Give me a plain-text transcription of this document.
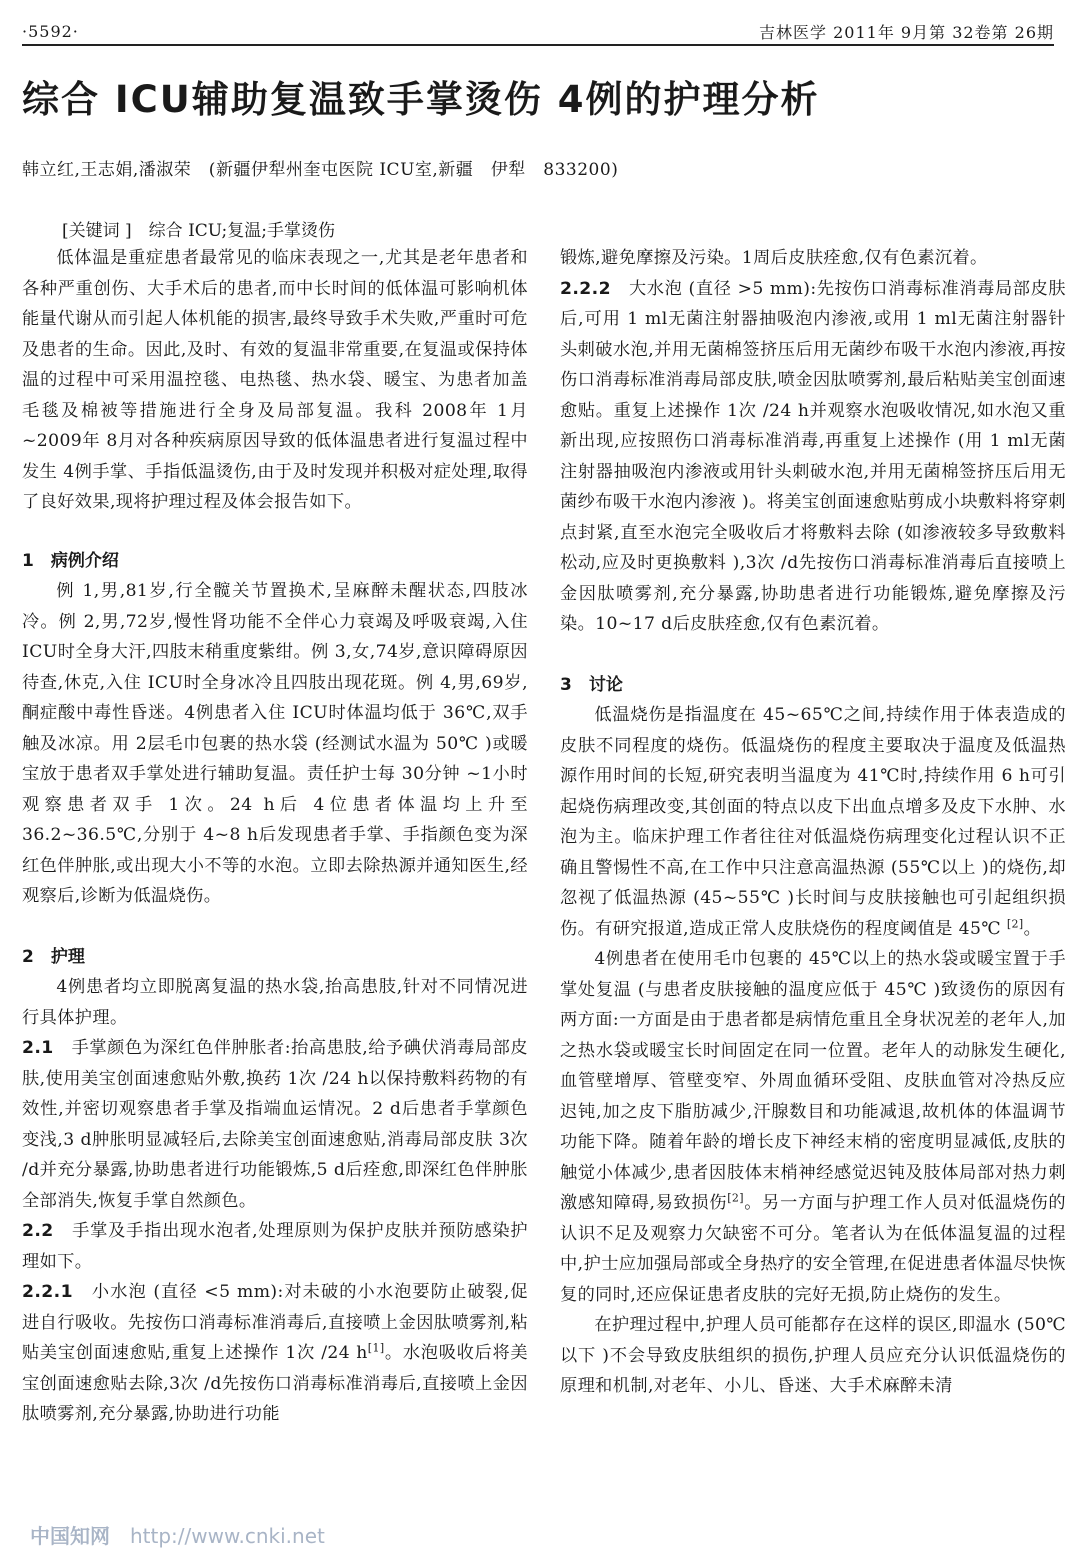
·5592·	吉林医学 2011年 9月第 32卷第 26期
综合 ICU辅助复温致手掌烫伤 4例的护理分析
韩立红,王志娟,潘淑荣　(新疆伊犁州奎屯医院 ICU室,新疆　伊犁　833200)
[关键词 ]　综合 ICU;复温;手掌烫伤

低体温是重症患者最常见的临床表现之一,尤其是老年患者和各种严重创伤、大手术后的患者,而中长时间的低体温可影响机体能量代谢从而引起人体机能的损害,最终导致手术失败,严重时可危及患者的生命。因此,及时、有效的复温非常重要,在复温或保持体温的过程中可采用温控毯、电热毯、热水袋、暖宝、为患者加盖毛毯及棉被等措施进行全身及局部复温。我科 2008年 1月 ~2009年 8月对各种疾病原因导致的低体温患者进行复温过程中发生 4例手掌、手指低温烫伤,由于及时发现并积极对症处理,取得了良好效果,现将护理过程及体会报告如下。

1　病例介绍

例 1,男,81岁,行全髋关节置换术,呈麻醉未醒状态,四肢冰冷。例 2,男,72岁,慢性肾功能不全伴心力衰竭及呼吸衰竭,入住 ICU时全身大汗,四肢末稍重度紫绀。例 3,女,74岁,意识障碍原因待查,休克,入住 ICU时全身冰冷且四肢出现花斑。例 4,男,69岁,酮症酸中毒性昏迷。4例患者入住 ICU时体温均低于 36℃,双手触及冰凉。用 2层毛巾包裹的热水袋 (经测试水温为 50℃ )或暖宝放于患者双手掌处进行辅助复温。责任护士每 30分钟 ~1小时观察患者双手 1次。24 h后 4位患者体温均上升至 36.2~36.5℃,分别于 4~8 h后发现患者手掌、手指颜色变为深红色伴肿胀,或出现大小不等的水泡。立即去除热源并通知医生,经观察后,诊断为低温烧伤。

2　护理

4例患者均立即脱离复温的热水袋,抬高患肢,针对不同情况进行具体护理。

2.1　手掌颜色为深红色伴肿胀者:抬高患肢,给予碘伏消毒局部皮肤,使用美宝创面速愈贴外敷,换药 1次 /24 h以保持敷料药物的有效性,并密切观察患者手掌及指端血运情况。2 d后患者手掌颜色变浅,3 d肿胀明显减轻后,去除美宝创面速愈贴,消毒局部皮肤 3次 /d并充分暴露,协助患者进行功能锻炼,5 d后痊愈,即深红色伴肿胀全部消失,恢复手掌自然颜色。

2.2　手掌及手指出现水泡者,处理原则为保护皮肤并预防感染护理如下。

2.2.1　小水泡 (直径 <5 mm):对未破的小水泡要防止破裂,促进自行吸收。先按伤口消毒标准消毒后,直接喷上金因肽喷雾剂,粘贴美宝创面速愈贴,重复上述操作 1次 /24 h[1]。水泡吸收后将美宝创面速愈贴去除,3次 /d先按伤口消毒标准消毒后,直接喷上金因肽喷雾剂,充分暴露,协助进行功能

锻炼,避免摩擦及污染。1周后皮肤痊愈,仅有色素沉着。

2.2.2　大水泡 (直径 >5 mm):先按伤口消毒标准消毒局部皮肤后,可用 1 ml无菌注射器抽吸泡内渗液,或用 1 ml无菌注射器针头刺破水泡,并用无菌棉签挤压后用无菌纱布吸干水泡内渗液,再按伤口消毒标准消毒局部皮肤,喷金因肽喷雾剂,最后粘贴美宝创面速愈贴。重复上述操作 1次 /24 h并观察水泡吸收情况,如水泡又重新出现,应按照伤口消毒标准消毒,再重复上述操作 (用 1 ml无菌注射器抽吸泡内渗液或用针头刺破水泡,并用无菌棉签挤压后用无菌纱布吸干水泡内渗液 )。将美宝创面速愈贴剪成小块敷料将穿刺点封紧,直至水泡完全吸收后才将敷料去除 (如渗液较多导致敷料松动,应及时更换敷料 ),3次 /d先按伤口消毒标准消毒后直接喷上金因肽喷雾剂,充分暴露,协助患者进行功能锻炼,避免摩擦及污染。10~17 d后皮肤痊愈,仅有色素沉着。

3　讨论

低温烧伤是指温度在 45~65℃之间,持续作用于体表造成的皮肤不同程度的烧伤。低温烧伤的程度主要取决于温度及低温热源作用时间的长短,研究表明当温度为 41℃时,持续作用 6 h可引起烧伤病理改变,其创面的特点以皮下出血点增多及皮下水肿、水泡为主。临床护理工作者往往对低温烧伤病理变化过程认识不正确且警惕性不高,在工作中只注意高温热源 (55℃以上 )的烧伤,却忽视了低温热源 (45~55℃ )长时间与皮肤接触也可引起组织损伤。有研究报道,造成正常人皮肤烧伤的程度阈值是 45℃ [2]。

4例患者在使用毛巾包裹的 45℃以上的热水袋或暖宝置于手掌处复温 (与患者皮肤接触的温度应低于 45℃ )致烫伤的原因有两方面:一方面是由于患者都是病情危重且全身状况差的老年人,加之热水袋或暖宝长时间固定在同一位置。老年人的动脉发生硬化,血管壁增厚、管壁变窄、外周血循环受阻、皮肤血管对冷热反应迟钝,加之皮下脂肪减少,汗腺数目和功能减退,故机体的体温调节功能下降。随着年龄的增长皮下神经末梢的密度明显减低,皮肤的触觉小体减少,患者因肢体末梢神经感觉迟钝及肢体局部对热力刺激感知障碍,易致损伤[2]。另一方面与护理工作人员对低温烧伤的认识不足及观察力欠缺密不可分。笔者认为在低体温复温的过程中,护士应加强局部或全身热疗的安全管理,在促进患者体温尽快恢复的同时,还应保证患者皮肤的完好无损,防止烧伤的发生。

在护理过程中,护理人员可能都存在这样的误区,即温水 (50℃以下 )不会导致皮肤组织的损伤,护理人员应充分认识低温烧伤的原理和机制,对老年、小儿、昏迷、大手术麻醉未清

中国知网 http://www.cnki.net
